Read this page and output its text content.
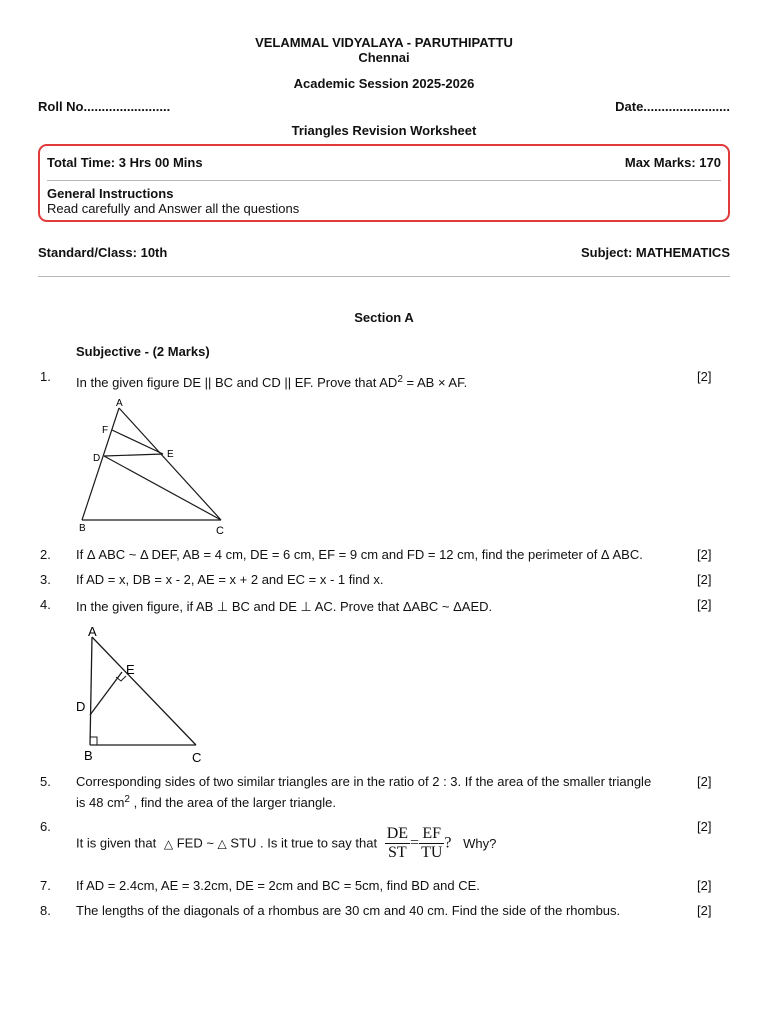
VELAMMAL VIDYALAYA - PARUTHIPATTU
Chennai
Academic Session 2025-2026
Roll No........................	Date........................
Triangles Revision Worksheet
Total Time: 3 Hrs 00 Mins	Max Marks: 170
General Instructions
Read carefully and Answer all the questions
Standard/Class: 10th	Subject: MATHEMATICS
Section A
Subjective - (2 Marks)
1. In the given figure DE || BC and CD || EF. Prove that $AD^2$ = AB × AF.	[2]
A
F
D	E
B	C
2. If Δ ABC ~ Δ DEF, AB = 4 cm, DE = 6 cm, EF = 9 cm and FD = 12 cm, find the perimeter of Δ ABC.	[2]
3. If AD = x, DB = x - 2, AE = x + 2 and EC = x - 1 find x.	[2]
4. In the given figure, if AB ⊥ BC and DE ⊥ AC. Prove that ΔABC ~ ΔAED.	[2]
A
E
D
B	C
5. Corresponding sides of two similar triangles are in the ratio of 2 : 3. If the area of the smaller triangle
is 48 $cm^2$ , find the area of the larger triangle.
[2]
6.
It is given that △ FED ~ △ STU . Is it true to say that $\frac{DE}{ST} = \frac{EF}{TU}$ ? Why?
[2]
7. If AD = 2.4cm, AE = 3.2cm, DE = 2cm and BC = 5cm, find BD and CE.	[2]
8. The lengths of the diagonals of a rhombus are 30 cm and 40 cm. Find the side of the rhombus.	[2]
